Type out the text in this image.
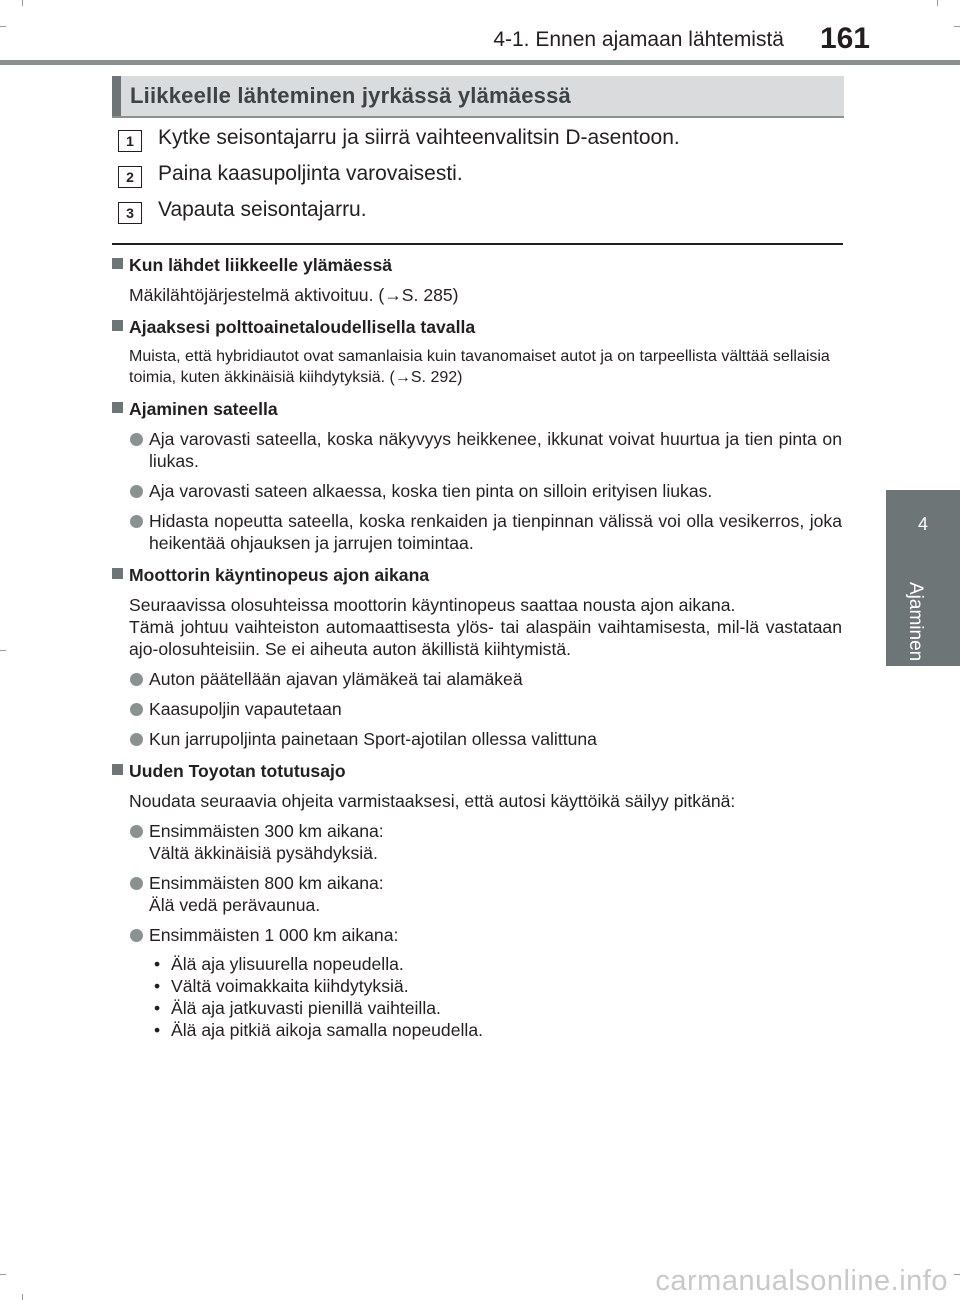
4-1. Ennen ajamaan lähtemistä 161
4
Ajaminen
Liikkeelle lähteminen jyrkässä ylämäessä
1	Kytke seisontajarru ja siirrä vaihteenvalitsin D-asentoon.
2	Paina kaasupoljinta varovaisesti.
3	Vapauta seisontajarru.
Kun lähdet liikkeelle ylämäessä
Mäkilähtöjärjestelmä aktivoituu. (→S. 285)
Ajaaksesi polttoainetaloudellisella tavalla
Muista, että hybridiautot ovat samanlaisia kuin tavanomaiset autot ja on tarpeellista välttää sellaisia toimia, kuten äkkinäisiä kiihdytyksiä. (→S. 292)
Ajaminen sateella
Aja varovasti sateella, koska näkyvyys heikkenee, ikkunat voivat huurtua ja tien pinta on liukas.
Aja varovasti sateen alkaessa, koska tien pinta on silloin erityisen liukas.
Hidasta nopeutta sateella, koska renkaiden ja tienpinnan välissä voi olla vesikerros, joka heikentää ohjauksen ja jarrujen toimintaa.
Moottorin käyntinopeus ajon aikana
Seuraavissa olosuhteissa moottorin käyntinopeus saattaa nousta ajon aikana.
Tämä johtuu vaihteiston automaattisesta ylös- tai alaspäin vaihtamisesta, mil-lä vastataan ajo-olosuhteisiin. Se ei aiheuta auton äkillistä kiihtymistä.
Auton päätellään ajavan ylämäkeä tai alamäkeä
Kaasupoljin vapautetaan
Kun jarrupoljinta painetaan Sport-ajotilan ollessa valittuna
Uuden Toyotan totutusajo
Noudata seuraavia ohjeita varmistaaksesi, että autosi käyttöikä säilyy pitkänä:
Ensimmäisten 300 km aikana:
Vältä äkkinäisiä pysähdyksiä.
Ensimmäisten 800 km aikana:
Älä vedä perävaunua.
Ensimmäisten 1 000 km aikana:
• Älä aja ylisuurella nopeudella.
• Vältä voimakkaita kiihdytyksiä.
• Älä aja jatkuvasti pienillä vaihteilla.
• Älä aja pitkiä aikoja samalla nopeudella.
carmanualsonline.info
